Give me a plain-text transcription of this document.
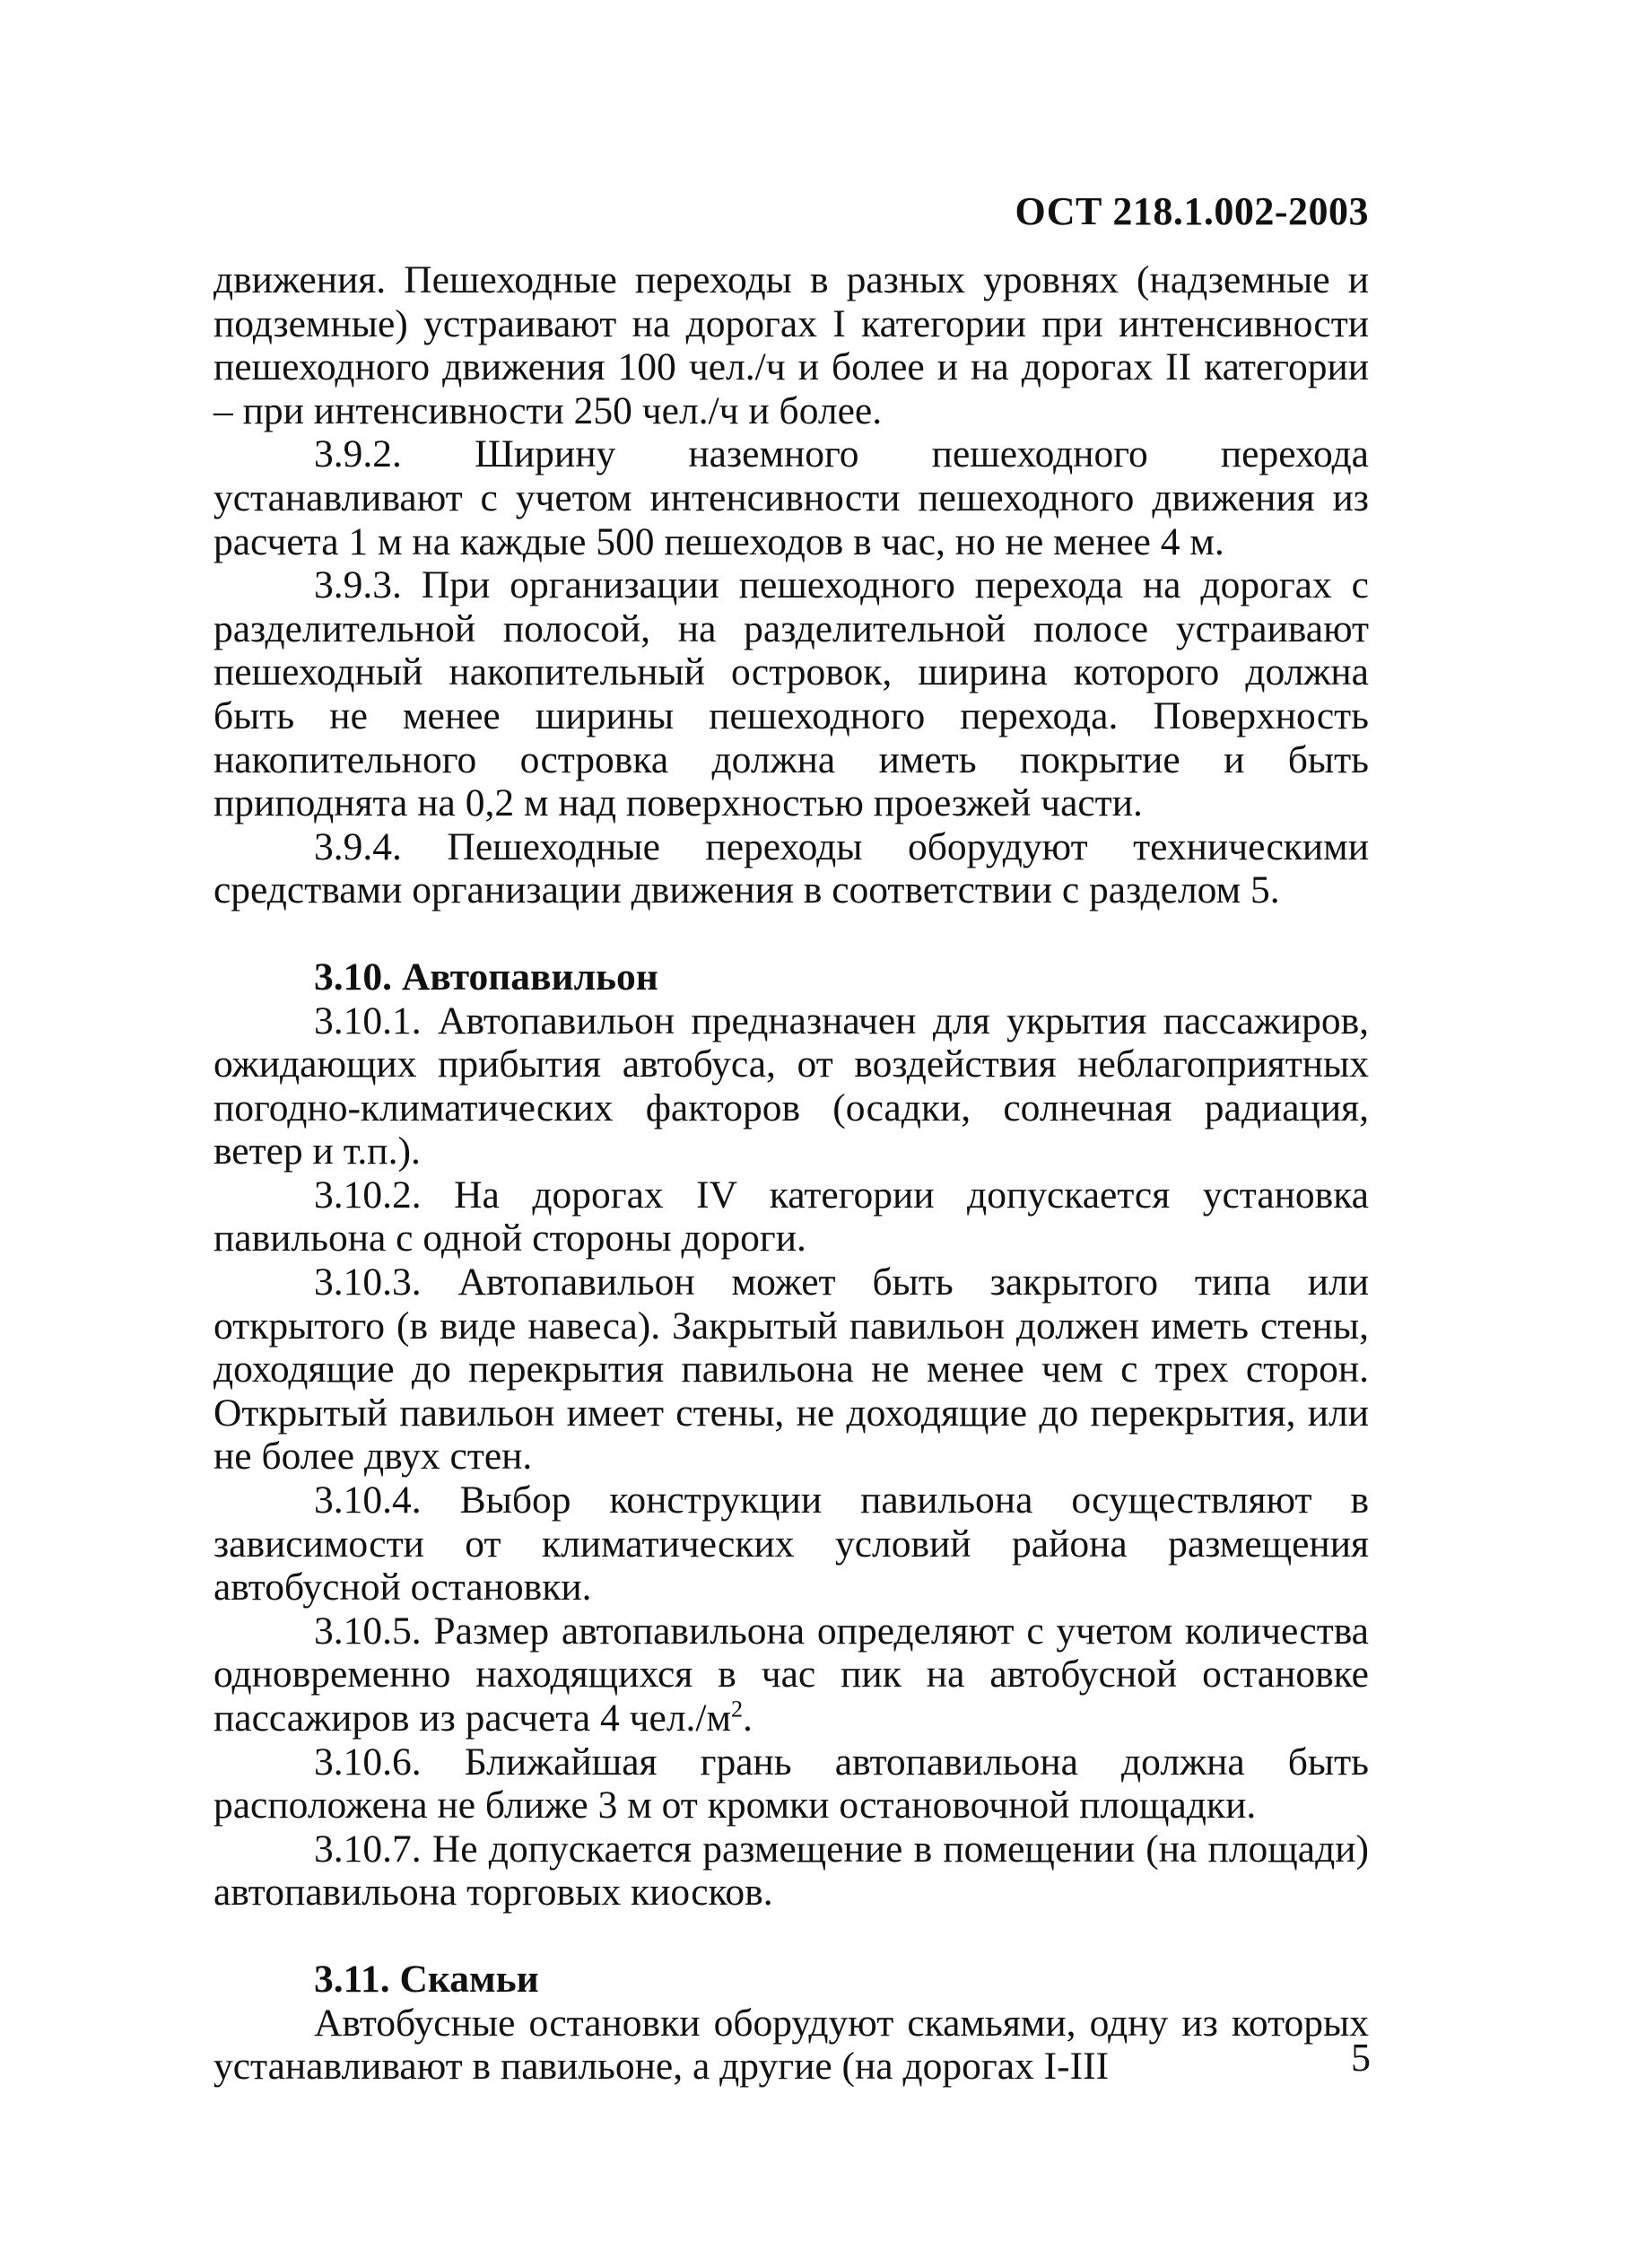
ОСТ 218.1.002-2003

движения. Пешеходные переходы в разных уровнях (надземные и подземные) устраивают на дорогах I категории при интенсивности пешеходного движения 100 чел./ч и более и на дорогах II категории – при интенсивности 250 чел./ч и более.

3.9.2. Ширину наземного пешеходного перехода устанавливают с учетом интенсивности пешеходного движения из расчета 1 м на каждые 500 пешеходов в час, но не менее 4 м.

3.9.3. При организации пешеходного перехода на дорогах с разделительной полосой, на разделительной полосе устраивают пешеходный накопительный островок, ширина которого должна быть не менее ширины пешеходного перехода. Поверхность накопительного островка должна иметь покрытие и быть приподнята на 0,2 м над поверхностью проезжей части.

3.9.4. Пешеходные переходы оборудуют техническими средствами организации движения в соответствии с разделом 5.

3.10. Автопавильон

3.10.1. Автопавильон предназначен для укрытия пассажиров, ожидающих прибытия автобуса, от воздействия неблагоприятных погодно-климатических факторов (осадки, солнечная радиация, ветер и т.п.).

3.10.2. На дорогах IV категории допускается установка павильона с одной стороны дороги.

3.10.3. Автопавильон может быть закрытого типа или открытого (в виде навеса). Закрытый павильон должен иметь стены, доходящие до перекрытия павильона не менее чем с трех сторон. Открытый павильон имеет стены, не доходящие до перекрытия, или не более двух стен.

3.10.4. Выбор конструкции павильона осуществляют в зависимости от климатических условий района размещения автобусной остановки.

3.10.5. Размер автопавильона определяют с учетом количества одновременно находящихся в час пик на автобусной остановке пассажиров из расчета 4 $чел./м^2$.

3.10.6. Ближайшая грань автопавильона должна быть расположена не ближе 3 м от кромки остановочной площадки.

3.10.7. Не допускается размещение в помещении (на площади) автопавильона торговых киосков.

3.11. Скамьи

Автобусные остановки оборудуют скамьями, одну из которых устанавливают в павильоне, а другие (на дорогах I-III	5
